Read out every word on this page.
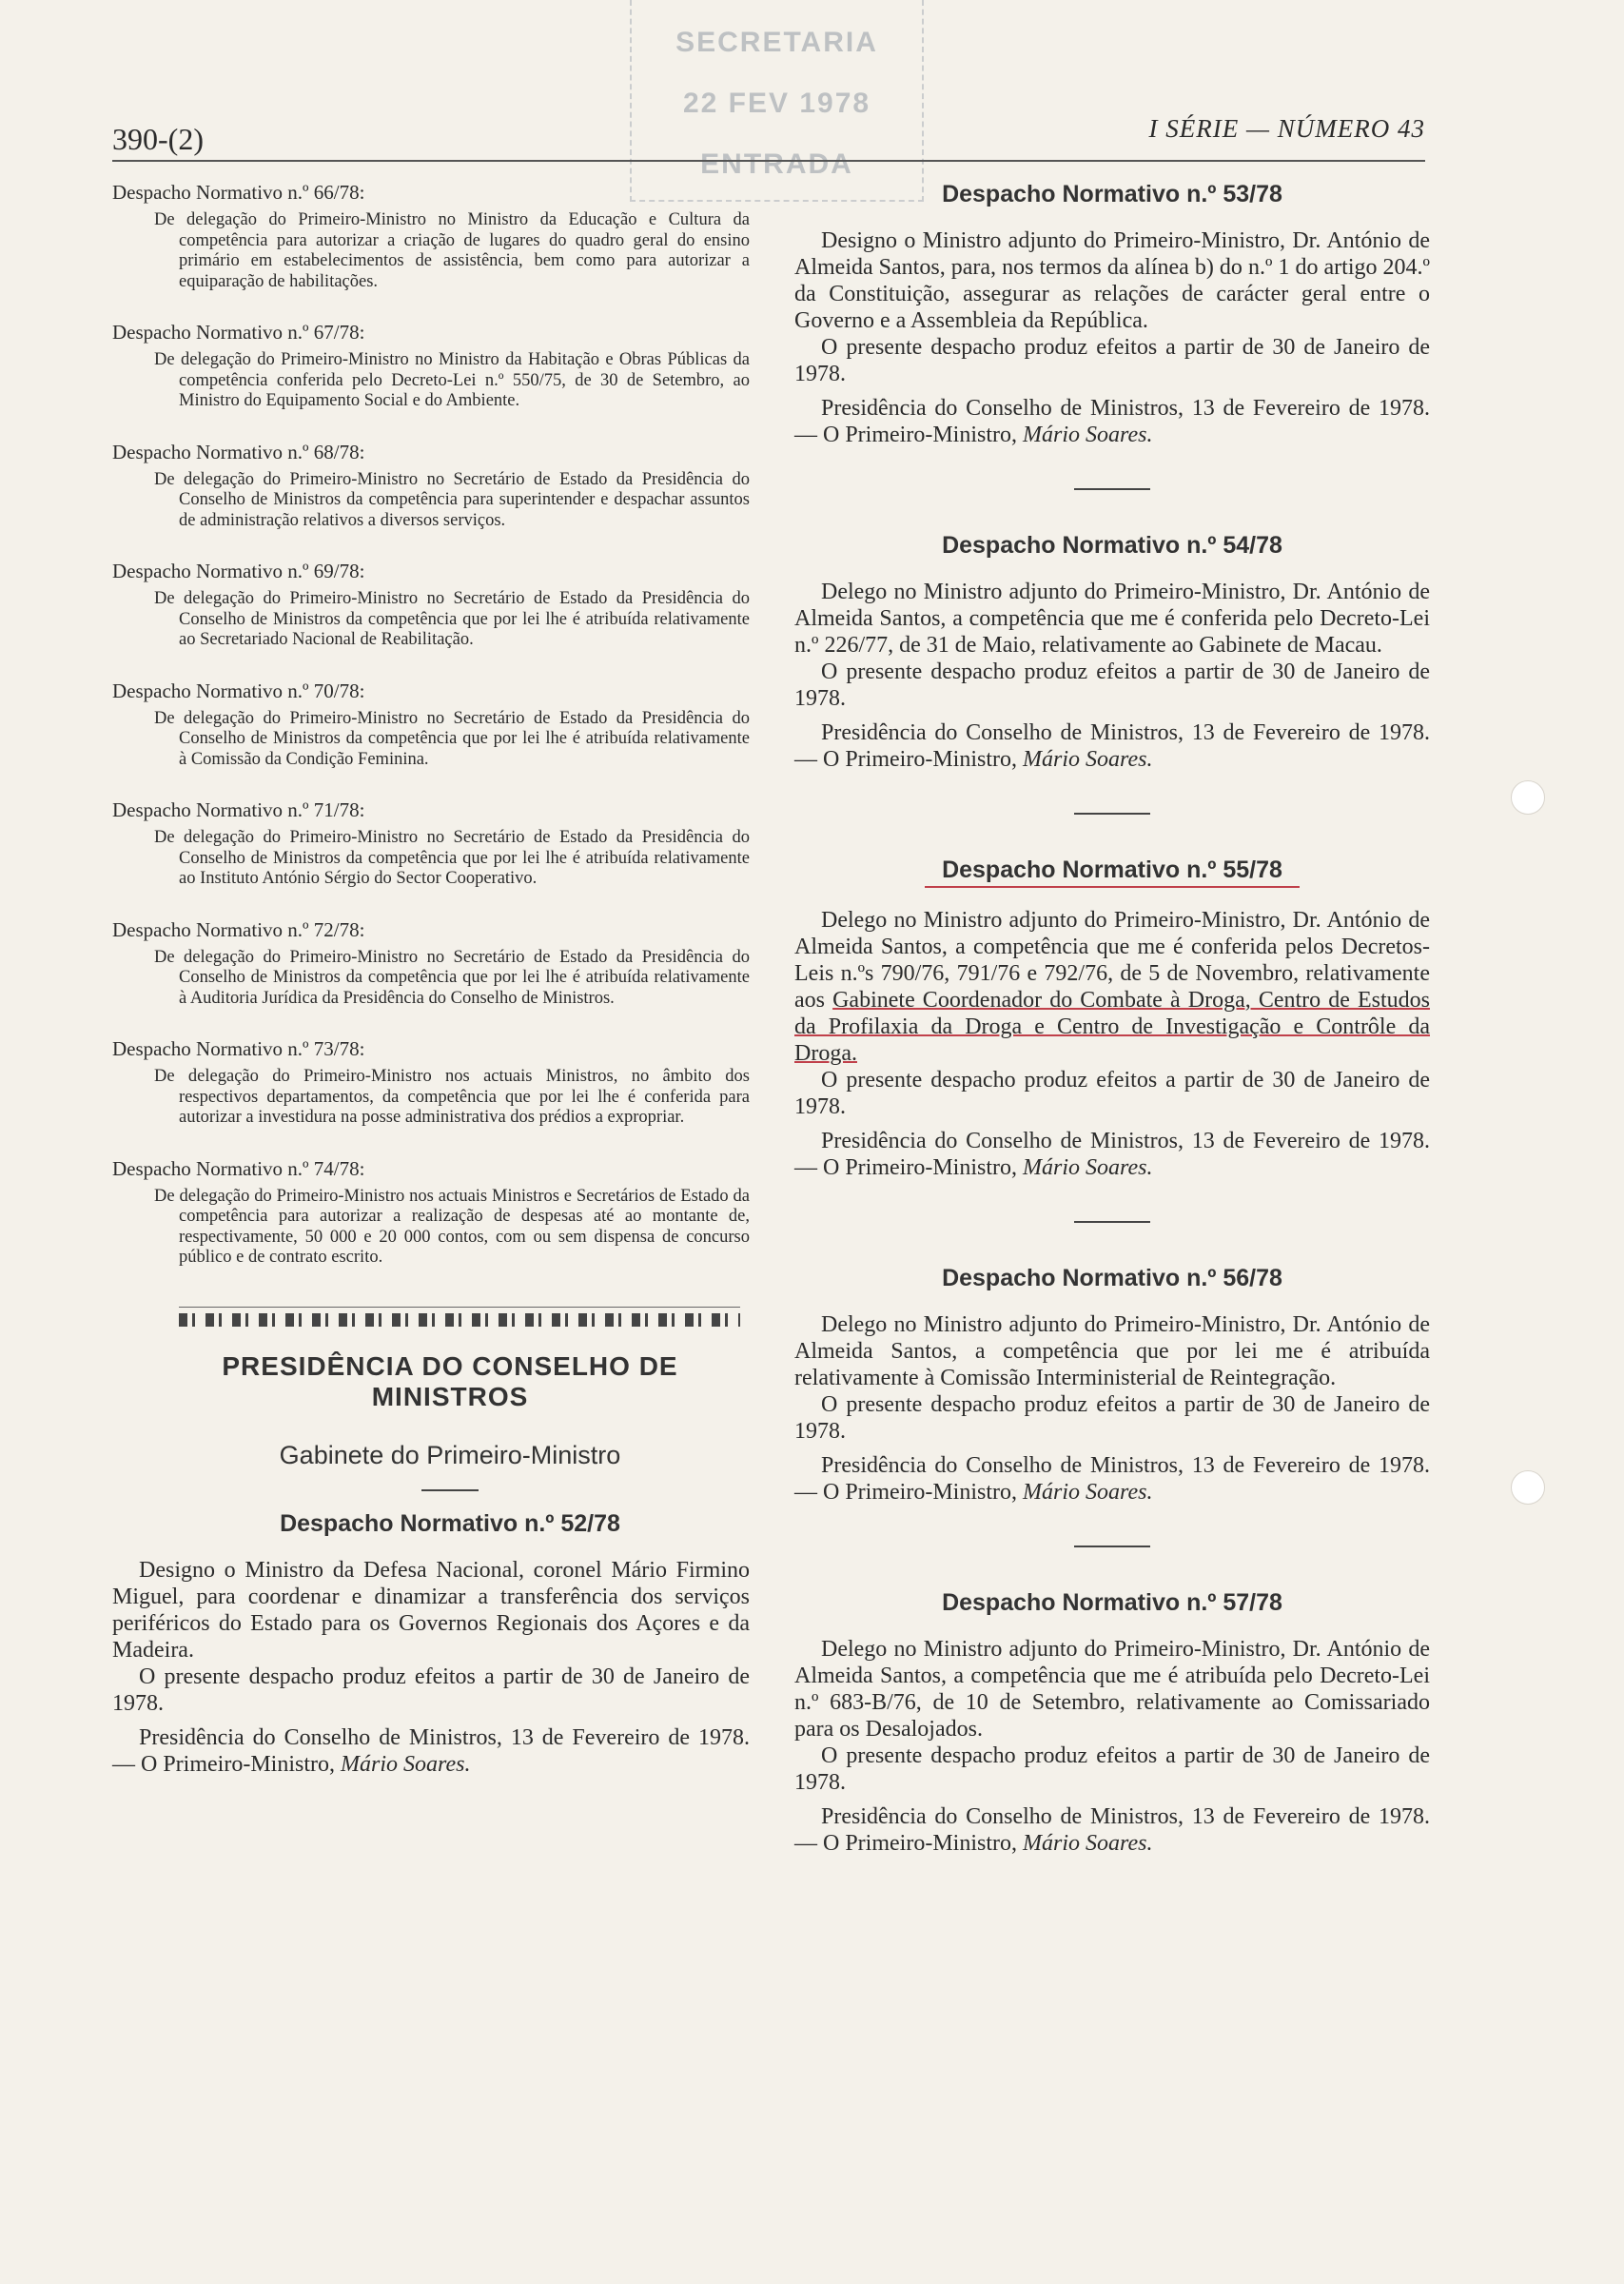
SECRETARIA
22 FEV 1978
ENTRADA
390-(2)	I SÉRIE — NÚMERO 43
Despacho Normativo n.º 66/78:
De delegação do Primeiro-Ministro no Ministro da Educação e Cultura da competência para autorizar a criação de lugares do quadro geral do ensino primário em estabelecimentos de assistência, bem como para autorizar a equiparação de habilitações.
Despacho Normativo n.º 67/78:
De delegação do Primeiro-Ministro no Ministro da Habitação e Obras Públicas da competência conferida pelo Decreto-Lei n.º 550/75, de 30 de Setembro, ao Ministro do Equipamento Social e do Ambiente.
Despacho Normativo n.º 68/78:
De delegação do Primeiro-Ministro no Secretário de Estado da Presidência do Conselho de Ministros da competência para superintender e despachar assuntos de administração relativos a diversos serviços.
Despacho Normativo n.º 69/78:
De delegação do Primeiro-Ministro no Secretário de Estado da Presidência do Conselho de Ministros da competência que por lei lhe é atribuída relativamente ao Secretariado Nacional de Reabilitação.
Despacho Normativo n.º 70/78:
De delegação do Primeiro-Ministro no Secretário de Estado da Presidência do Conselho de Ministros da competência que por lei lhe é atribuída relativamente à Comissão da Condição Feminina.
Despacho Normativo n.º 71/78:
De delegação do Primeiro-Ministro no Secretário de Estado da Presidência do Conselho de Ministros da competência que por lei lhe é atribuída relativamente ao Instituto António Sérgio do Sector Cooperativo.
Despacho Normativo n.º 72/78:
De delegação do Primeiro-Ministro no Secretário de Estado da Presidência do Conselho de Ministros da competência que por lei lhe é atribuída relativamente à Auditoria Jurídica da Presidência do Conselho de Ministros.
Despacho Normativo n.º 73/78:
De delegação do Primeiro-Ministro nos actuais Ministros, no âmbito dos respectivos departamentos, da competência que por lei lhe é conferida para autorizar a investidura na posse administrativa dos prédios a expropriar.
Despacho Normativo n.º 74/78:
De delegação do Primeiro-Ministro nos actuais Ministros e Secretários de Estado da competência para autorizar a realização de despesas até ao montante de, respectivamente, 50 000 e 20 000 contos, com ou sem dispensa de concurso público e de contrato escrito.
PRESIDÊNCIA DO CONSELHO DE MINISTROS
Gabinete do Primeiro-Ministro
Despacho Normativo n.º 52/78

Designo o Ministro da Defesa Nacional, coronel Mário Firmino Miguel, para coordenar e dinamizar a transferência dos serviços periféricos do Estado para os Governos Regionais dos Açores e da Madeira.

O presente despacho produz efeitos a partir de 30 de Janeiro de 1978.

Presidência do Conselho de Ministros, 13 de Fevereiro de 1978. — O Primeiro-Ministro, Mário Soares.

Despacho Normativo n.º 53/78

Designo o Ministro adjunto do Primeiro-Ministro, Dr. António de Almeida Santos, para, nos termos da alínea b) do n.º 1 do artigo 204.º da Constituição, assegurar as relações de carácter geral entre o Governo e a Assembleia da República.

O presente despacho produz efeitos a partir de 30 de Janeiro de 1978.

Presidência do Conselho de Ministros, 13 de Fevereiro de 1978. — O Primeiro-Ministro, Mário Soares.

Despacho Normativo n.º 54/78

Delego no Ministro adjunto do Primeiro-Ministro, Dr. António de Almeida Santos, a competência que me é conferida pelo Decreto-Lei n.º 226/77, de 31 de Maio, relativamente ao Gabinete de Macau.

O presente despacho produz efeitos a partir de 30 de Janeiro de 1978.

Presidência do Conselho de Ministros, 13 de Fevereiro de 1978. — O Primeiro-Ministro, Mário Soares.

Despacho Normativo n.º 55/78

Delego no Ministro adjunto do Primeiro-Ministro, Dr. António de Almeida Santos, a competência que me é conferida pelos Decretos-Leis n.ºs 790/76, 791/76 e 792/76, de 5 de Novembro, relativamente aos Gabinete Coordenador do Combate à Droga, Centro de Estudos da Profilaxia da Droga e Centro de Investigação e Contrôle da Droga.

O presente despacho produz efeitos a partir de 30 de Janeiro de 1978.

Presidência do Conselho de Ministros, 13 de Fevereiro de 1978. — O Primeiro-Ministro, Mário Soares.

Despacho Normativo n.º 56/78

Delego no Ministro adjunto do Primeiro-Ministro, Dr. António de Almeida Santos, a competência que por lei me é atribuída relativamente à Comissão Interministerial de Reintegração.

O presente despacho produz efeitos a partir de 30 de Janeiro de 1978.

Presidência do Conselho de Ministros, 13 de Fevereiro de 1978. — O Primeiro-Ministro, Mário Soares.

Despacho Normativo n.º 57/78

Delego no Ministro adjunto do Primeiro-Ministro, Dr. António de Almeida Santos, a competência que me é atribuída pelo Decreto-Lei n.º 683-B/76, de 10 de Setembro, relativamente ao Comissariado para os Desalojados.

O presente despacho produz efeitos a partir de 30 de Janeiro de 1978.

Presidência do Conselho de Ministros, 13 de Fevereiro de 1978. — O Primeiro-Ministro, Mário Soares.
